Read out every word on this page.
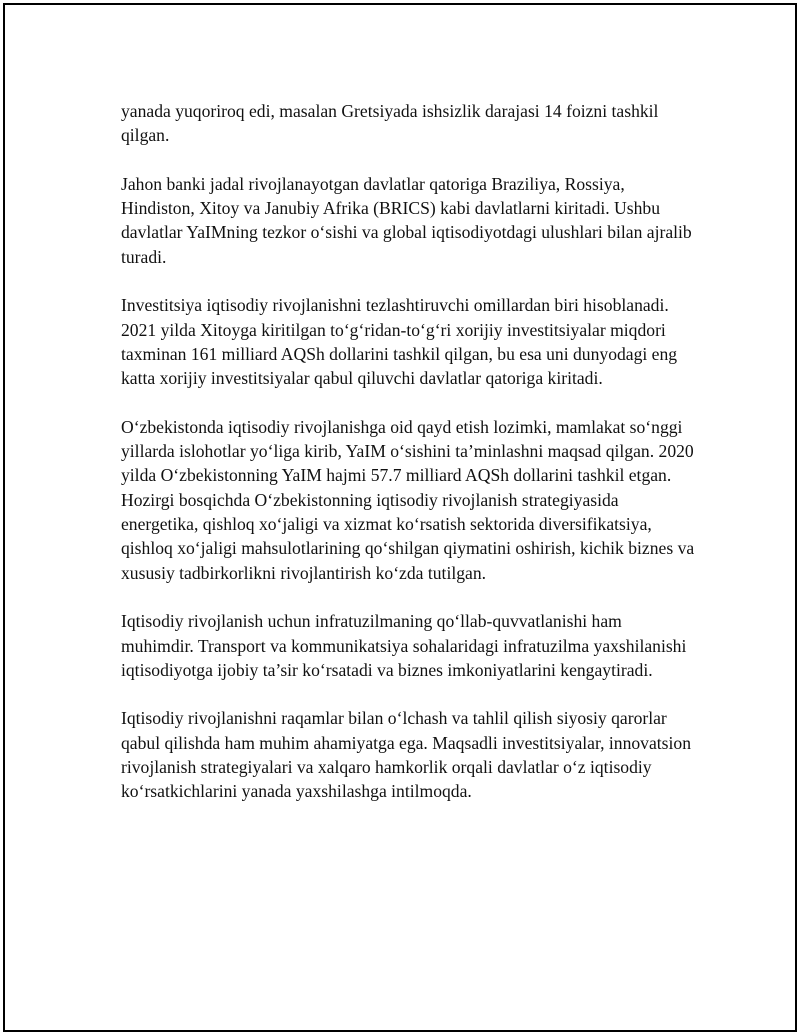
yanada yuqoriroq edi, masalan Gretsiyada ishsizlik darajasi 14 foizni tashkil qilgan.

Jahon banki jadal rivojlanayotgan davlatlar qatoriga Braziliya, Rossiya, Hindiston, Xitoy va Janubiy Afrika (BRICS) kabi davlatlarni kiritadi. Ushbu davlatlar YaIMning tezkor o‘sishi va global iqtisodiyotdagi ulushlari bilan ajralib turadi.

Investitsiya iqtisodiy rivojlanishni tezlashtiruvchi omillardan biri hisoblanadi. 2021 yilda Xitoyga kiritilgan to‘g‘ridan-to‘g‘ri xorijiy investitsiyalar miqdori taxminan 161 milliard AQSh dollarini tashkil qilgan, bu esa uni dunyodagi eng katta xorijiy investitsiyalar qabul qiluvchi davlatlar qatoriga kiritadi.

O‘zbekistonda iqtisodiy rivojlanishga oid qayd etish lozimki, mamlakat so‘nggi yillarda islohotlar yo‘liga kirib, YaIM o‘sishini ta’minlashni maqsad qilgan. 2020 yilda O‘zbekistonning YaIM hajmi 57.7 milliard AQSh dollarini tashkil etgan. Hozirgi bosqichda O‘zbekistonning iqtisodiy rivojlanish strategiyasida energetika, qishloq xo‘jaligi va xizmat ko‘rsatish sektorida diversifikatsiya, qishloq xo‘jaligi mahsulotlarining qo‘shilgan qiymatini oshirish, kichik biznes va xususiy tadbirkorlikni rivojlantirish ko‘zda tutilgan.

Iqtisodiy rivojlanish uchun infratuzilmaning qo‘llab-quvvatlanishi ham muhimdir. Transport va kommunikatsiya sohalaridagi infratuzilma yaxshilanishi iqtisodiyotga ijobiy ta’sir ko‘rsatadi va biznes imkoniyatlarini kengaytiradi.

Iqtisodiy rivojlanishni raqamlar bilan o‘lchash va tahlil qilish siyosiy qarorlar qabul qilishda ham muhim ahamiyatga ega. Maqsadli investitsiyalar, innovatsion rivojlanish strategiyalari va xalqaro hamkorlik orqali davlatlar o‘z iqtisodiy ko‘rsatkichlarini yanada yaxshilashga intilmoqda.
